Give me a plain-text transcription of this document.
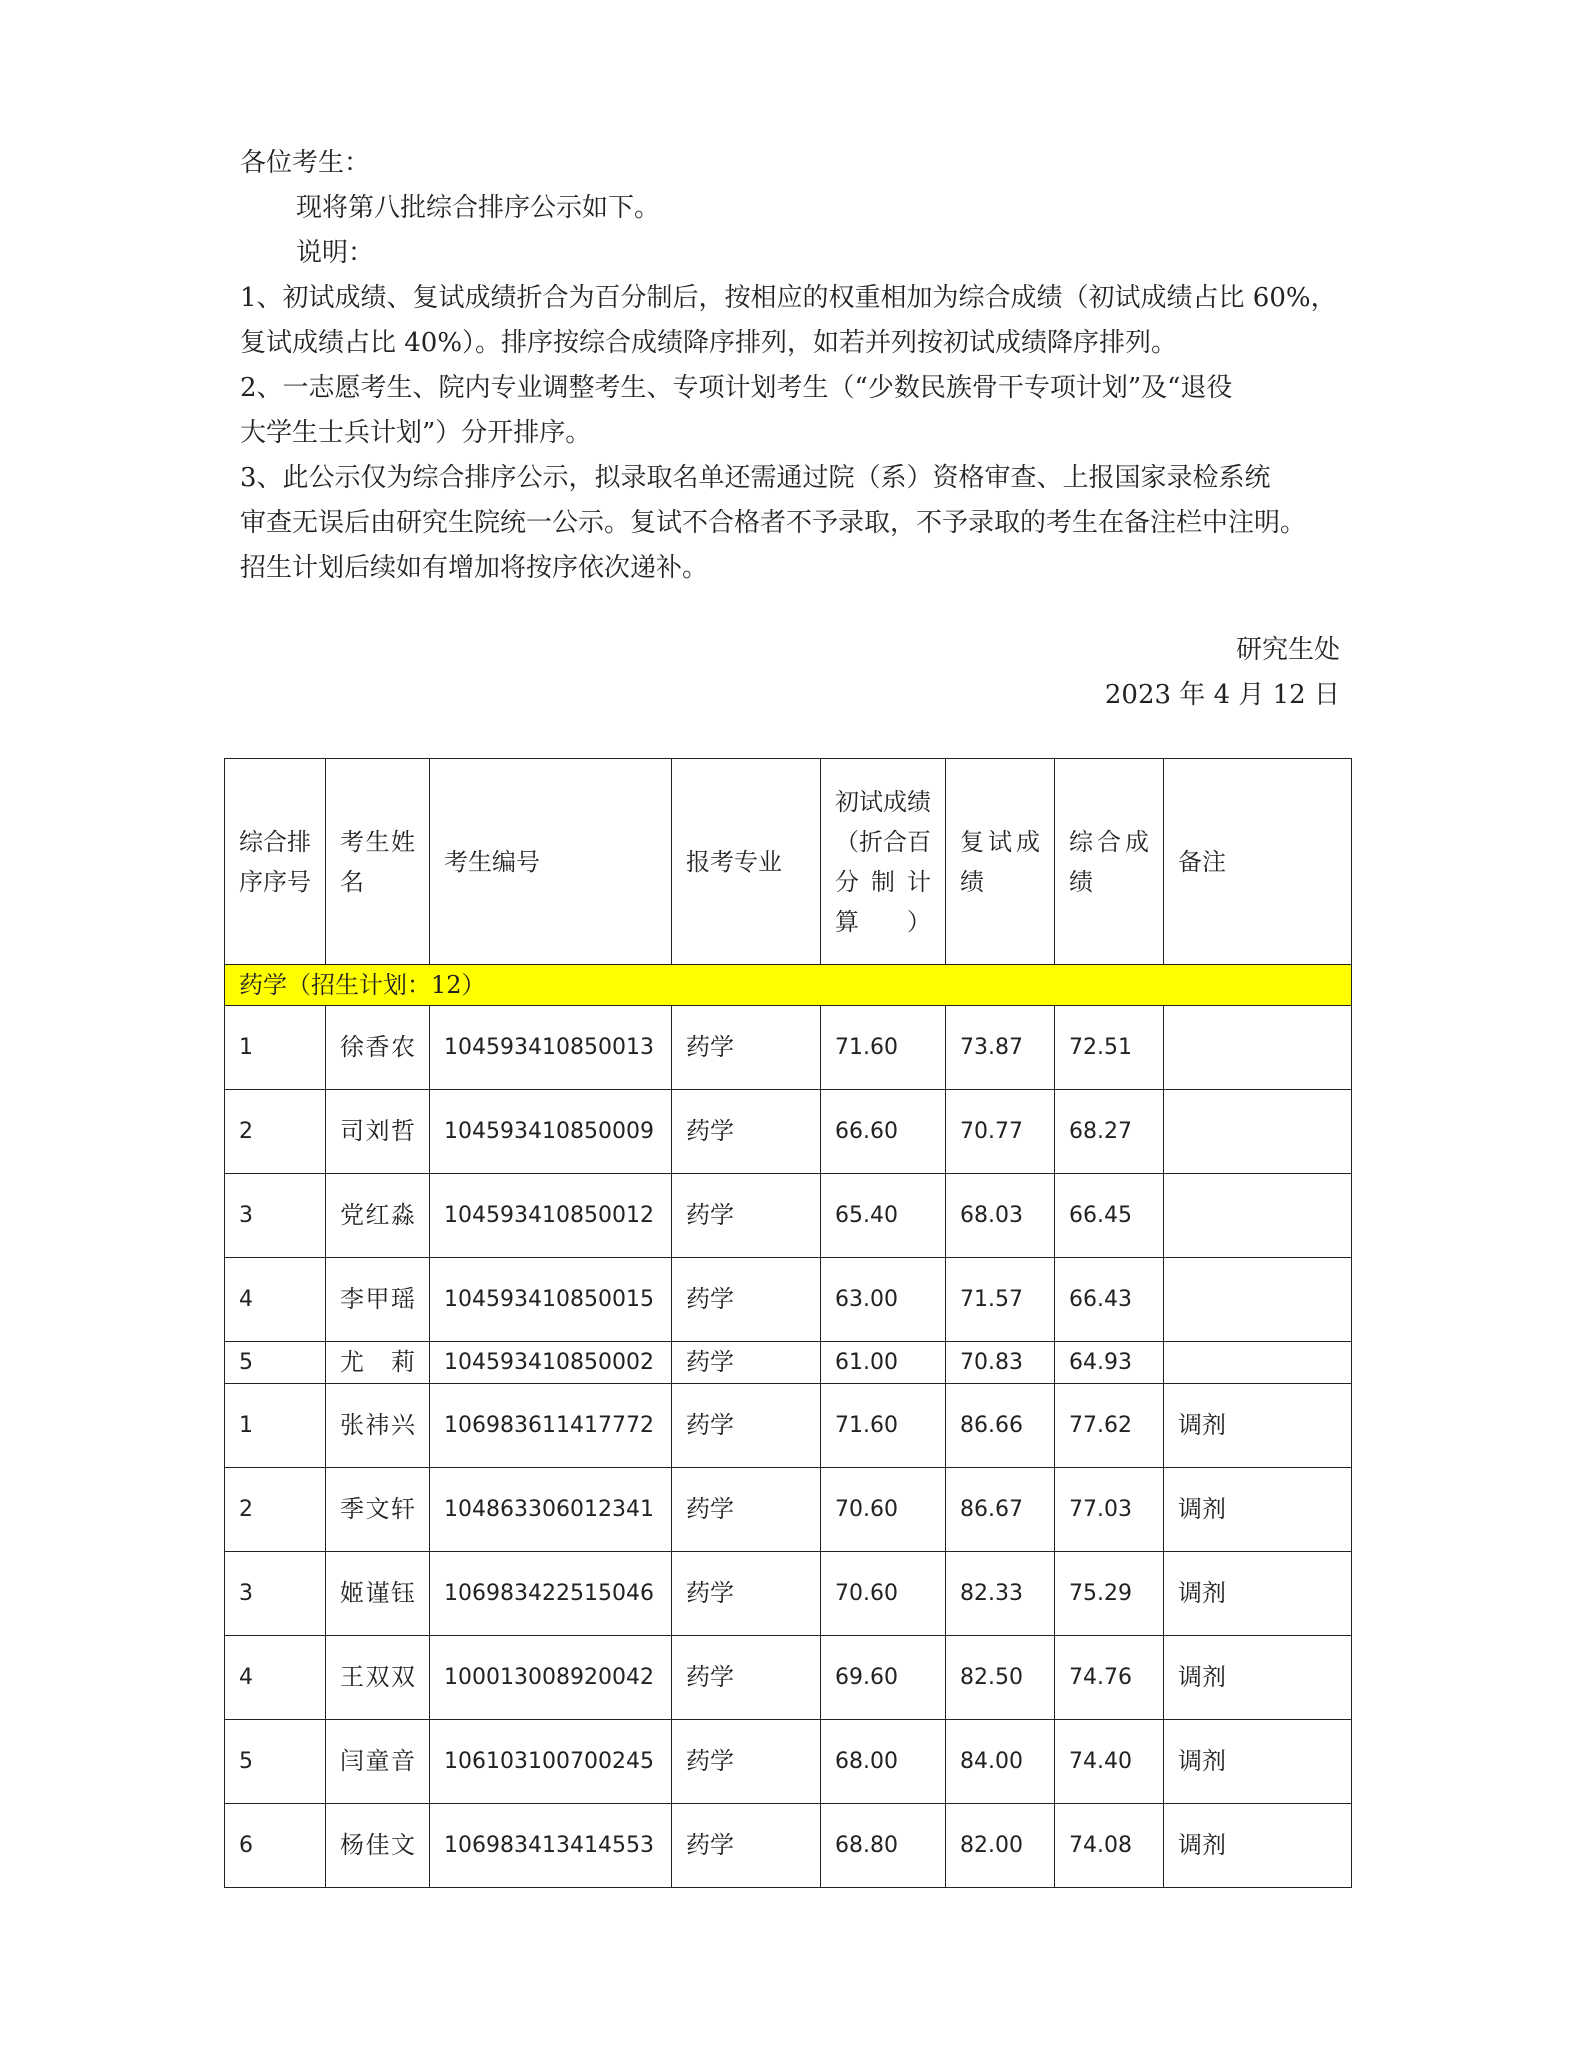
各位考生：

现将第八批综合排序公示如下。

说明：

1、初试成绩、复试成绩折合为百分制后，按相应的权重相加为综合成绩（初试成绩占比 60%，

复试成绩占比 40%）。排序按综合成绩降序排列，如若并列按初试成绩降序排列。

2、一志愿考生、院内专业调整考生、专项计划考生（“少数民族骨干专项计划”及“退役

大学生士兵计划”）分开排序。

3、此公示仅为综合排序公示，拟录取名单还需通过院（系）资格审查、上报国家录检系统

审查无误后由研究生院统一公示。复试不合格者不予录取，不予录取的考生在备注栏中注明。

招生计划后续如有增加将按序依次递补。

研究生处

2023 年 4 月 12 日

综合排序序号	考生姓名	考生编号	报考专业	初试成绩（折合百分制计算）	复试成绩	综合成绩	备注
药学（招生计划：12）							
1	徐香农	104593410850013	药学	71.60	73.87	72.51	
2	司刘哲	104593410850009	药学	66.60	70.77	68.27	
3	党红淼	104593410850012	药学	65.40	68.03	66.45	
4	李甲瑶	104593410850015	药学	63.00	71.57	66.43	
5	尤莉	104593410850002	药学	61.00	70.83	64.93	
1	张祎兴	106983611417772	药学	71.60	86.66	77.62	调剂
2	季文轩	104863306012341	药学	70.60	86.67	77.03	调剂
3	姬谨钰	106983422515046	药学	70.60	82.33	75.29	调剂
4	王双双	100013008920042	药学	69.60	82.50	74.76	调剂
5	闫童音	106103100700245	药学	68.00	84.00	74.40	调剂
6	杨佳文	106983413414553	药学	68.80	82.00	74.08	调剂
